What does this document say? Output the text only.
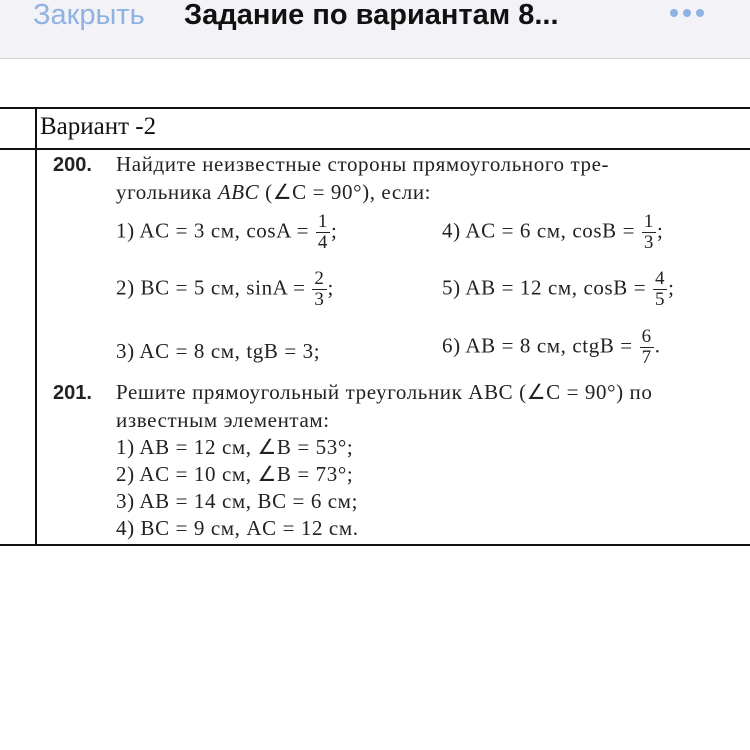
Закрыть Задание по вариантам 8...
Вариант -2
200. Найдите неизвестные стороны прямоугольного тре-
угольника ABC (∠C = 90°), если:
1) AC = 3 см, $\cos A = \frac{1}{4}$ ;	4) AC = 6 см, $\cos B = \frac{1}{3}$ ;
2) BC = 5 см, $\sin A = \frac{2}{3}$ ;	5) AB = 12 см, $\cos B = \frac{4}{5}$ ;
3) AC = 8 см, tgB = 3;	6) AB = 8 см, ctgB = $\frac{6}{7}$ .
201. Решите прямоугольный треугольник ABC (∠C = 90°) по
известным элементам:
1) AB = 12 см, ∠B = 53°;
2) AC = 10 см, ∠B = 73°;
3) AB = 14 см, BC = 6 см;
4) BC = 9 см, AC = 12 см.
